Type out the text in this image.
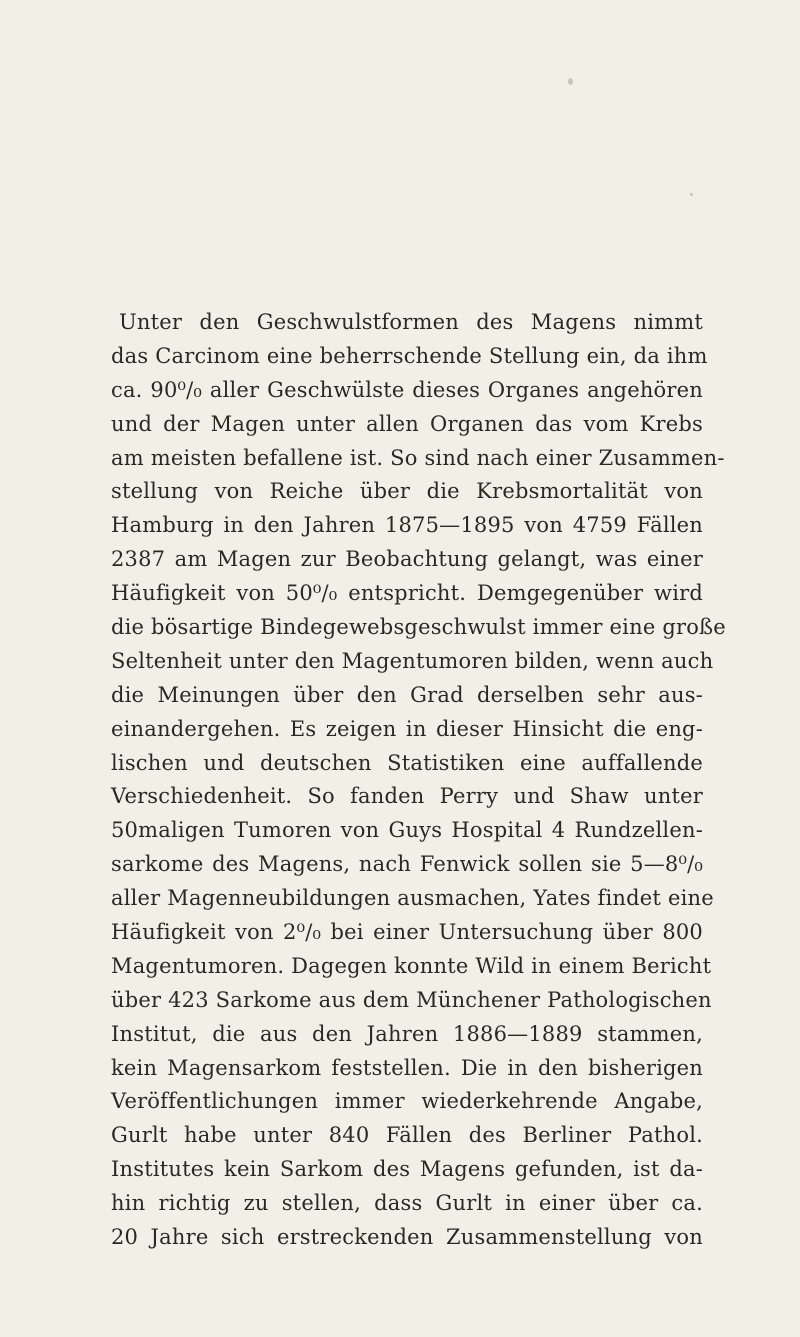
Unter den Geschwulstformen des Magens nimmt
das Carcinom eine beherrschende Stellung ein, da ihm
ca. 90⁰/₀ aller Geschwülste dieses Organes angehören
und der Magen unter allen Organen das vom Krebs
am meisten befallene ist. So sind nach einer Zusammen-
stellung von Reiche über die Krebsmortalität von
Hamburg in den Jahren 1875—1895 von 4759 Fällen
2387 am Magen zur Beobachtung gelangt, was einer
Häufigkeit von 50⁰/₀ entspricht. Demgegenüber wird
die bösartige Bindegewebsgeschwulst immer eine große
Seltenheit unter den Magentumoren bilden, wenn auch
die Meinungen über den Grad derselben sehr aus-
einandergehen. Es zeigen in dieser Hinsicht die eng-
lischen und deutschen Statistiken eine auffallende
Verschiedenheit. So fanden Perry und Shaw unter
50maligen Tumoren von Guys Hospital 4 Rundzellen-
sarkome des Magens, nach Fenwick sollen sie 5—8⁰/₀
aller Magenneubildungen ausmachen, Yates findet eine
Häufigkeit von 2⁰/₀ bei einer Untersuchung über 800
Magentumoren. Dagegen konnte Wild in einem Bericht
über 423 Sarkome aus dem Münchener Pathologischen
Institut, die aus den Jahren 1886—1889 stammen,
kein Magensarkom feststellen. Die in den bisherigen
Veröffentlichungen immer wiederkehrende Angabe,
Gurlt habe unter 840 Fällen des Berliner Pathol.
Institutes kein Sarkom des Magens gefunden, ist da-
hin richtig zu stellen, dass Gurlt in einer über ca.
20 Jahre sich erstreckenden Zusammenstellung von
